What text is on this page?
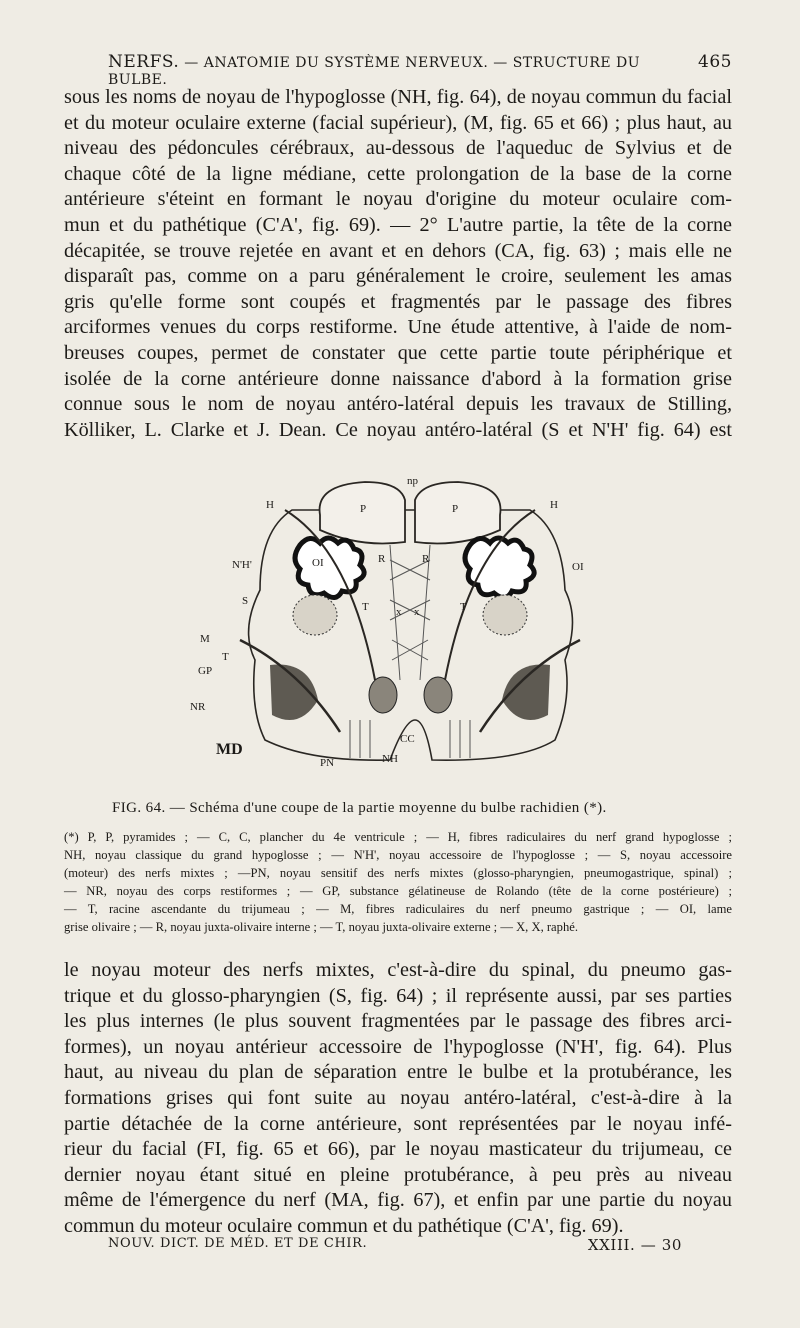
NERFS. — ANATOMIE DU SYSTÈME NERVEUX. — STRUCTURE DU BULBE.
465
sous les noms de noyau de l'hypoglosse (NH, fig. 64), de noyau commun du facial
et du moteur oculaire externe (facial supérieur), (M, fig. 65 et 66) ; plus haut, au
niveau des pédoncules cérébraux, au-dessous de l'aqueduc de Sylvius et de
chaque côté de la ligne médiane, cette prolongation de la base de la corne
antérieure s'éteint en formant le noyau d'origine du moteur oculaire com-
mun et du pathétique (C'A', fig. 69). — 2° L'autre partie, la tête de la corne
décapitée, se trouve rejetée en avant et en dehors (CA, fig. 63) ; mais elle ne
disparaît pas, comme on a paru généralement le croire, seulement les amas
gris qu'elle forme sont coupés et fragmentés par le passage des fibres
arciformes venues du corps restiforme. Une étude attentive, à l'aide de nom-
breuses coupes, permet de constater que cette partie toute périphérique et
isolée de la corne antérieure donne naissance d'abord à la formation grise
connue sous le nom de noyau antéro-latéral depuis les travaux de Stilling,
Kölliker, L. Clarke et J. Dean. Ce noyau antéro-latéral (S et N'H' fig. 64) est
np
P	P
H	H
N'H'	OI	OI
R	R
S	T	T
x x
M
T
GP
NR
MD
CC
NH
PN
FIG. 64. — Schéma d'une coupe de la partie moyenne du bulbe rachidien (*).
(*) P, P, pyramides ; — C, C, plancher du 4e ventricule ; — H, fibres radiculaires du nerf grand hypoglosse ;
NH, noyau classique du grand hypoglosse ; — N'H', noyau accessoire de l'hypoglosse ; — S, noyau accessoire
(moteur) des nerfs mixtes ; —PN, noyau sensitif des nerfs mixtes (glosso-pharyngien, pneumogastrique, spinal) ;
— NR, noyau des corps restiformes ; — GP, substance gélatineuse de Rolando (tête de la corne postérieure) ;
— T, racine ascendante du trijumeau ; — M, fibres radiculaires du nerf pneumo gastrique ; — OI, lame
grise olivaire ; — R, noyau juxta-olivaire interne ; — T, noyau juxta-olivaire externe ; — X, X, raphé.
le noyau moteur des nerfs mixtes, c'est-à-dire du spinal, du pneumo gas-
trique et du glosso-pharyngien (S, fig. 64) ; il représente aussi, par ses parties
les plus internes (le plus souvent fragmentées par le passage des fibres arci-
formes), un noyau antérieur accessoire de l'hypoglosse (N'H', fig. 64). Plus
haut, au niveau du plan de séparation entre le bulbe et la protubérance, les
formations grises qui font suite au noyau antéro-latéral, c'est-à-dire à la
partie détachée de la corne antérieure, sont représentées par le noyau infé-
rieur du facial (FI, fig. 65 et 66), par le noyau masticateur du trijumeau, ce
dernier noyau étant situé en pleine protubérance, à peu près au niveau
même de l'émergence du nerf (MA, fig. 67), et enfin par une partie du noyau
commun du moteur oculaire commun et du pathétique (C'A', fig. 69).
NOUV. DICT. DE MÉD. ET DE CHIR.	XXIII. — 30
